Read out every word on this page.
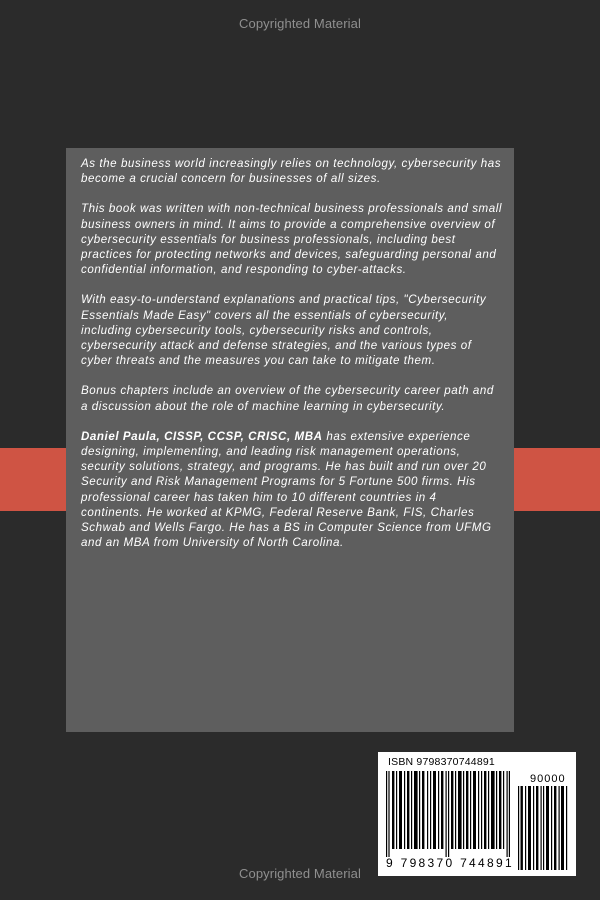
Copyrighted Material

As the business world increasingly relies on technology, cybersecurity has become a crucial concern for businesses of all sizes.

This book was written with non-technical business professionals and small business owners in mind. It aims to provide a comprehensive overview of cybersecurity essentials for business professionals, including best practices for protecting networks and devices, safeguarding personal and confidential information, and responding to cyber-attacks.

With easy-to-understand explanations and practical tips, "Cybersecurity Essentials Made Easy" covers all the essentials of cybersecurity, including cybersecurity tools, cybersecurity risks and controls, cybersecurity attack and defense strategies, and the various types of cyber threats and the measures you can take to mitigate them.

Bonus chapters include an overview of the cybersecurity career path and a discussion about the role of machine learning in cybersecurity.

Daniel Paula, CISSP, CCSP, CRISC, MBA has extensive experience designing, implementing, and leading risk management operations, security solutions, strategy, and programs. He has built and run over 20 Security and Risk Management Programs for 5 Fortune 500 firms. His professional career has taken him to 10 different countries in 4 continents. He worked at KPMG, Federal Reserve Bank, FIS, Charles Schwab and Wells Fargo. He has a BS in Computer Science from UFMG and an MBA from University of North Carolina.

ISBN 9798370744891
90000
9 798370 744891
Copyrighted Material
